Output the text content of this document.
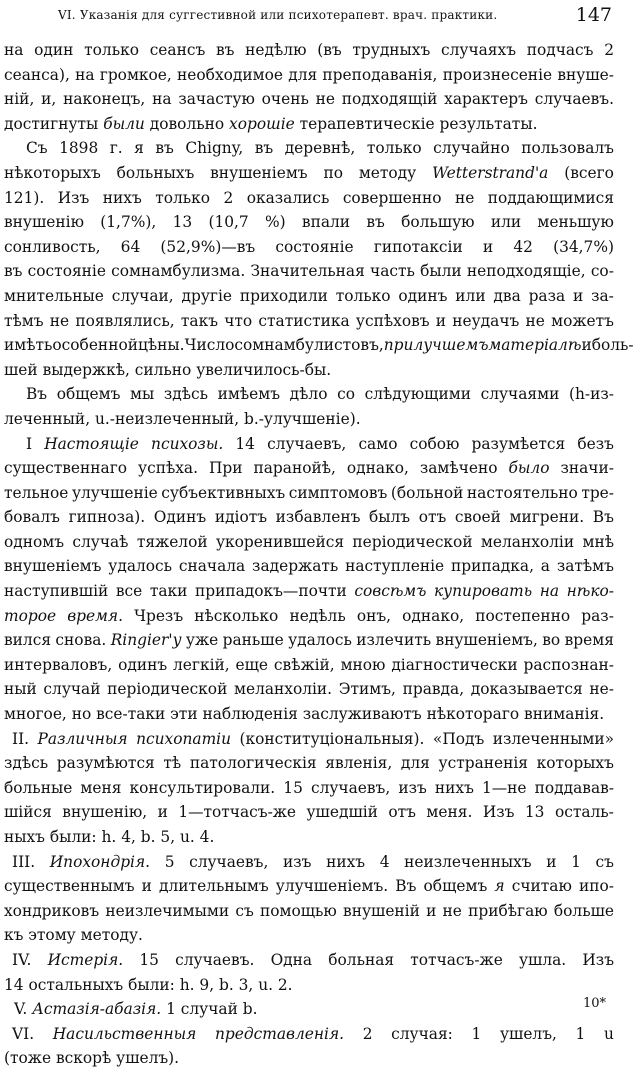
VI. Указанія для суггестивной или психотерапевт. врач. практики.	147
на один только сеансъ въ недѣлю (въ трудныхъ случаяхъ подчасъ 2
сеанса), на громкое, необходимое для преподаванія, произнесеніе внуше-
ній, и, наконецъ, на зачастую очень не подходящій характеръ случаевъ.
достигнуты были довольно хорошіе терапевтическіе результаты.
Съ 1898 г. я въ Chigny, въ деревнѣ, только случайно пользовалъ
нѣкоторыхъ больныхъ внушеніемъ по методу Wetterstrand'a (всего
121). Изъ нихъ только 2 оказались совершенно не поддающимися
внушенію (1,7%), 13 (10,7 %) впали въ большую или меньшую
сонливость, 64 (52,9%)—въ состояніе гипотаксіи и 42 (34,7%)
въ состояніе сомнамбулизма. Значительная часть были неподходящіе, со-
мнительные случаи, другіе приходили только одинъ или два раза и за-
тѣмъ не появлялись, такъ что статистика успѣховъ и неудачъ не можетъ
имѣть особенной цѣны. Число сомнамбулистовъ, при лучшемъ матеріалѣ и боль-
шей выдержкѣ, сильно увеличилось-бы.
Въ общемъ мы здѣсь имѣемъ дѣло со слѣдующими случаями (h-из-
леченный, u.-неизлеченный, b.-улучшеніе).
I Настоящіе психозы. 14 случаевъ, само собою разумѣется безъ
существеннаго успѣха. При паранойѣ, однако, замѣчено было значи-
тельное улучшеніе субъективныхъ симптомовъ (больной настоятельно тре-
бовалъ гипноза). Одинъ идіотъ избавленъ былъ отъ своей мигрени. Въ
одномъ случаѣ тяжелой укоренившейся періодической меланхоліи мнѣ
внушеніемъ удалось сначала задержать наступленіе припадка, а затѣмъ
наступившій все таки припадокъ—почти совсѣмъ купировать на нѣко-
торое время. Чрезъ нѣсколько недѣль онъ, однако, постепенно раз-
вился снова. Ringier'у уже раньше удалось излечить внушеніемъ, во время
интерваловъ, одинъ легкій, еще свѣжій, мною діагностически распознан-
ный случай періодической меланхоліи. Этимъ, правда, доказывается не-
многое, но все-таки эти наблюденія заслуживаютъ нѣкотораго вниманія.
II. Различныя психопатіи (конституціональныя). «Подъ излеченными»
здѣсь разумѣются тѣ патологическія явленія, для устраненія которыхъ
больные меня консультировали. 15 случаевъ, изъ нихъ 1—не поддавав-
шійся внушенію, и 1—тотчасъ-же ушедшій отъ меня. Изъ 13 осталь-
ныхъ были: h. 4, b. 5, u. 4.
III. Ипохондрія. 5 случаевъ, изъ нихъ 4 неизлеченныхъ и 1 съ
существеннымъ и длительнымъ улучшеніемъ. Въ общемъ я считаю ипо-
хондриковъ неизлечимыми съ помощью внушеній и не прибѣгаю больше
къ этому методу.
IV. Истерія. 15 случаевъ. Одна больная тотчасъ-же ушла. Изъ
14 остальныхъ были: h. 9, b. 3, u. 2.
V. Астазія-абазія. 1 случай b.
VI. Насильственныя представленія. 2 случая: 1 ушелъ, 1 u
(тоже вскорѣ ушелъ).
10*
